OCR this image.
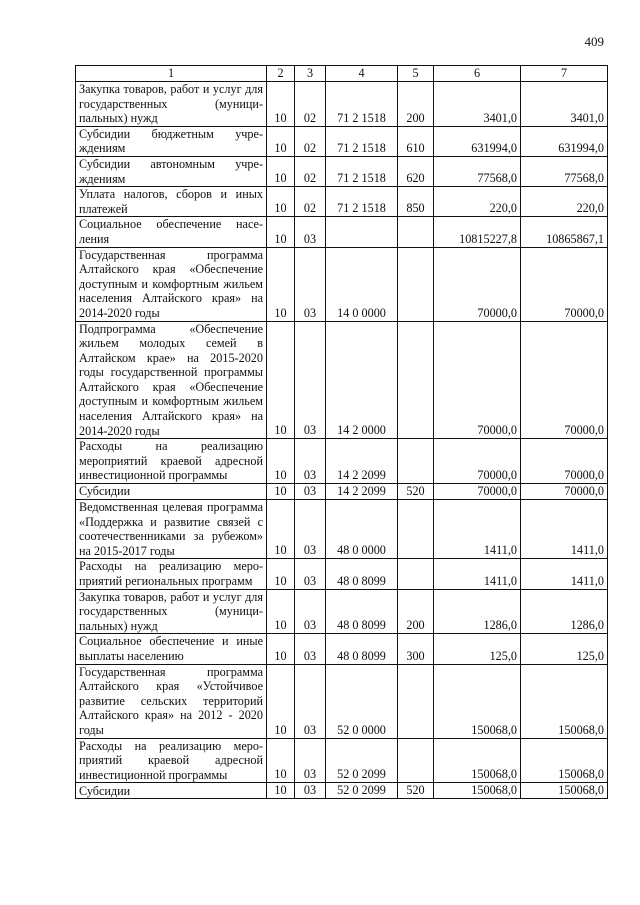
409
1	2	3	4	5	6	7
Закупка товаров, работ и услуг для государственных (муниципальных) нужд	10	02	71 2 1518	200	3401,0	3401,0
Субсидии бюджетным учреждениям	10	02	71 2 1518	610	631994,0	631994,0
Субсидии автономным учреждениям	10	02	71 2 1518	620	77568,0	77568,0
Уплата налогов, сборов и иных платежей	10	02	71 2 1518	850	220,0	220,0
Социальное обеспечение населения	10	03			10815227,8	10865867,1
Государственная программа Алтайского края «Обеспечение доступным и комфортным жильем населения Алтайского края» на 2014-2020 годы	10	03	14 0 0000		70000,0	70000,0
Подпрограмма «Обеспечение жильем молодых семей в Алтайском крае» на 2015-2020 годы государственной программы Алтайского края «Обеспечение доступным и комфортным жильем населения Алтайского края» на 2014-2020 годы	10	03	14 2 0000		70000,0	70000,0
Расходы на реализацию мероприятий краевой адресной инвестиционной программы	10	03	14 2 2099		70000,0	70000,0
Субсидии	10	03	14 2 2099	520	70000,0	70000,0
Ведомственная целевая программа «Поддержка и развитие связей с соотечественниками за рубежом» на 2015-2017 годы	10	03	48 0 0000		1411,0	1411,0
Расходы на реализацию мероприятий региональных программ	10	03	48 0 8099		1411,0	1411,0
Закупка товаров, работ и услуг для государственных (муниципальных) нужд	10	03	48 0 8099	200	1286,0	1286,0
Социальное обеспечение и иные выплаты населению	10	03	48 0 8099	300	125,0	125,0
Государственная программа Алтайского края «Устойчивое развитие сельских территорий Алтайского края» на 2012 - 2020 годы	10	03	52 0 0000		150068,0	150068,0
Расходы на реализацию мероприятий краевой адресной инвестиционной программы	10	03	52 0 2099		150068,0	150068,0
Субсидии	10	03	52 0 2099	520	150068,0	150068,0
